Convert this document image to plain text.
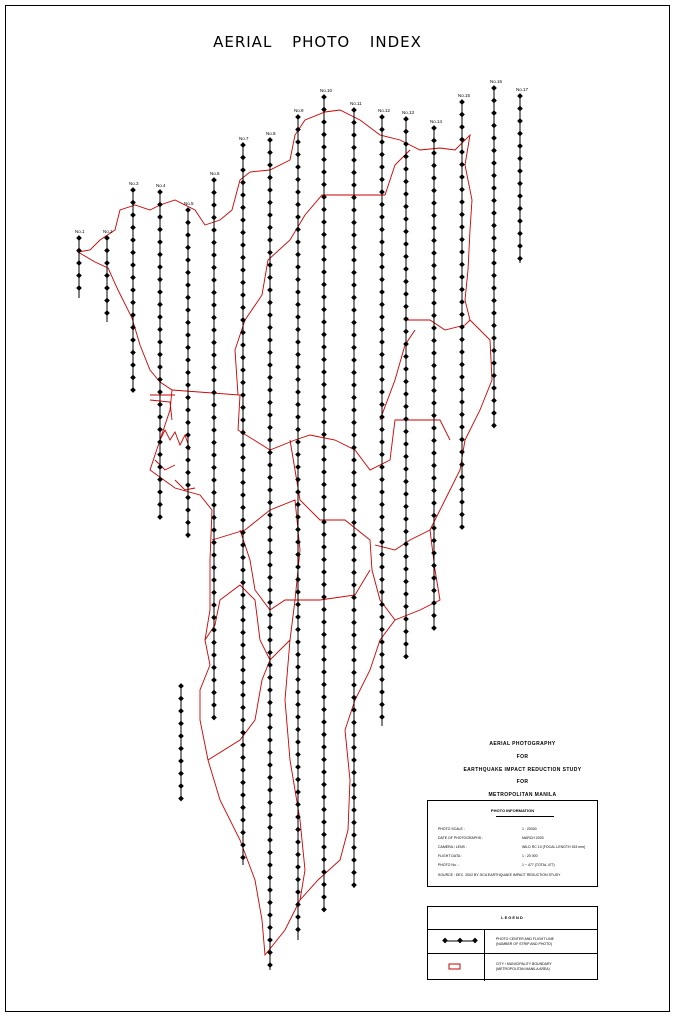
AERIAL PHOTO INDEX
No.1	No.2
No.3	No.4
No.5
No.6
No.7
No.8
No.9
No.10
No.11
No.12	No.13
No.14
No.15
No.16
No.17
AERIAL PHOTOGRAPHY
FOR
EARTHQUAKE IMPACT REDUCTION STUDY
FOR
METROPOLITAN MANILA
PHOTO INFORMATION
PHOTO SCALE :	1 : 20000
DATE OF PHOTOGRAPHS :	MARCH 2003
CAMERA / LENS :	WILD RC 10 (FOCAL LENGTH 153 mm)
FLIGHT DATA :	1 : 20 000
PHOTO No. :	1 ~ 477 (TOTAL 477)
SOURCE : DEC. 2002 BY JICA EARTHQUAKE IMPACT REDUCTION STUDY
LEGEND
PHOTO CENTER AND FLIGHT LINE
(NUMBER OF STRIP AND PHOTO)
CITY / MUNICIPALITY BOUNDARY
(METROPOLITAN MANILA AREA)
